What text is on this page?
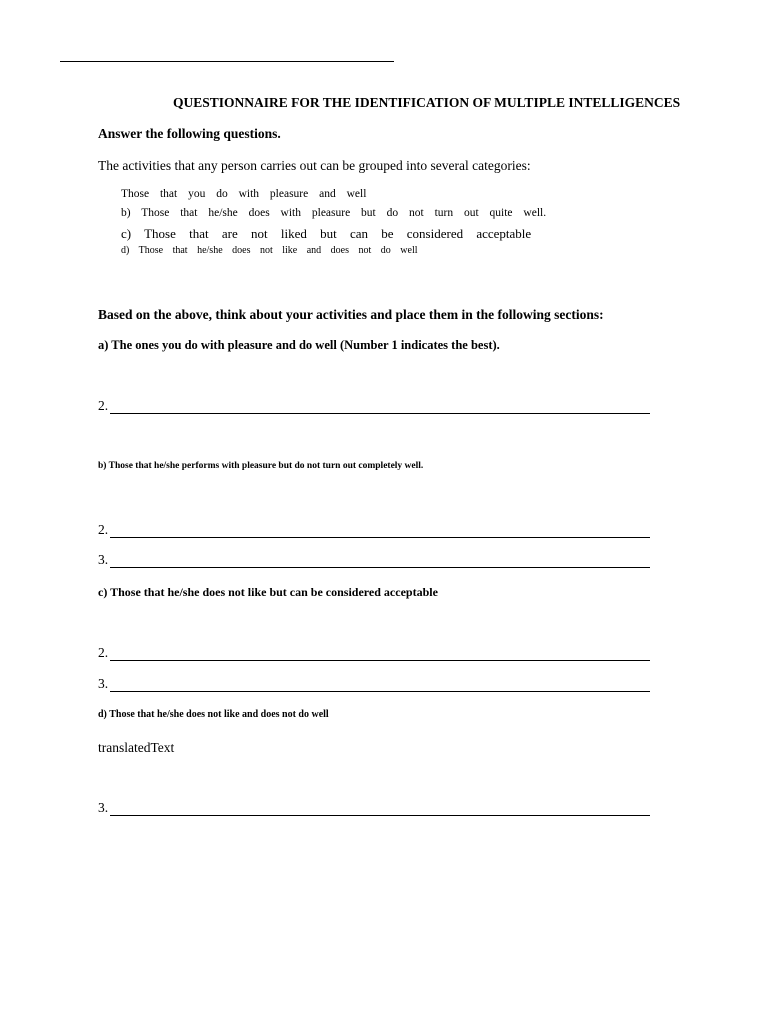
QUESTIONNAIRE FOR THE IDENTIFICATION OF MULTIPLE INTELLIGENCES
Answer the following questions.
The activities that any person carries out can be grouped into several categories:
Those that you do with pleasure and well
b) Those that he/she does with pleasure but do not turn out quite well.
c) Those that are not liked but can be considered acceptable
d) Those that he/she does not like and does not do well
Based on the above, think about your activities and place them in the following sections:
a) The ones you do with pleasure and do well (Number 1 indicates the best).
2.
b) Those that he/she performs with pleasure but do not turn out completely well.
2.
3.
c) Those that he/she does not like but can be considered acceptable
2.
3.
d) Those that he/she does not like and does not do well
translatedText
3.
